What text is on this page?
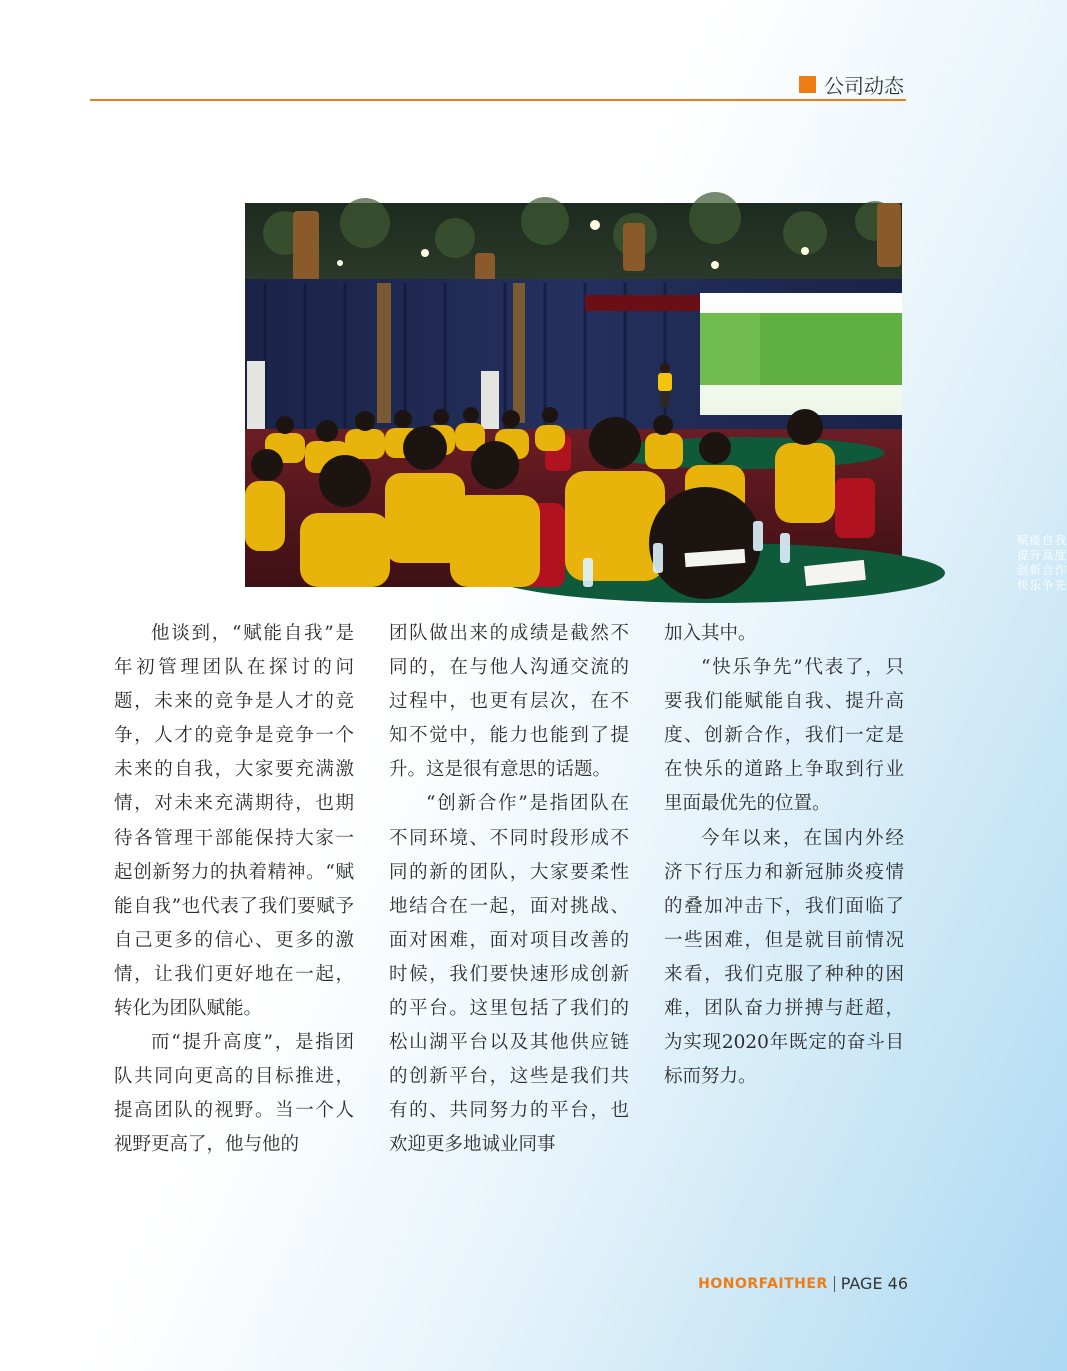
公司动态
赋能自我
提升高度
创新合作
快乐争先

他谈到，“赋能自我”是年初管理团队在探讨的问题，未来的竞争是人才的竞争，人才的竞争是竞争一个未来的自我，大家要充满激情，对未来充满期待，也期待各管理干部能保持大家一起创新努力的执着精神。“赋能自我”也代表了我们要赋予自己更多的信心、更多的激情，让我们更好地在一起，转化为团队赋能。

而“提升高度”，是指团队共同向更高的目标推进，提高团队的视野。当一个人视野更高了，他与他的

团队做出来的成绩是截然不同的，在与他人沟通交流的过程中，也更有层次，在不知不觉中，能力也能到了提升。这是很有意思的话题。

“创新合作”是指团队在不同环境、不同时段形成不同的新的团队，大家要柔性地结合在一起，面对挑战、面对困难，面对项目改善的时候，我们要快速形成创新的平台。这里包括了我们的松山湖平台以及其他供应链的创新平台，这些是我们共有的、共同努力的平台，也欢迎更多地诚业同事

加入其中。

“快乐争先”代表了，只要我们能赋能自我、提升高度、创新合作，我们一定是在快乐的道路上争取到行业里面最优先的位置。

今年以来，在国内外经济下行压力和新冠肺炎疫情的叠加冲击下，我们面临了一些困难，但是就目前情况来看，我们克服了种种的困难，团队奋力拼搏与赶超，为实现2020年既定的奋斗目标而努力。

HONORFAITHER PAGE 46
